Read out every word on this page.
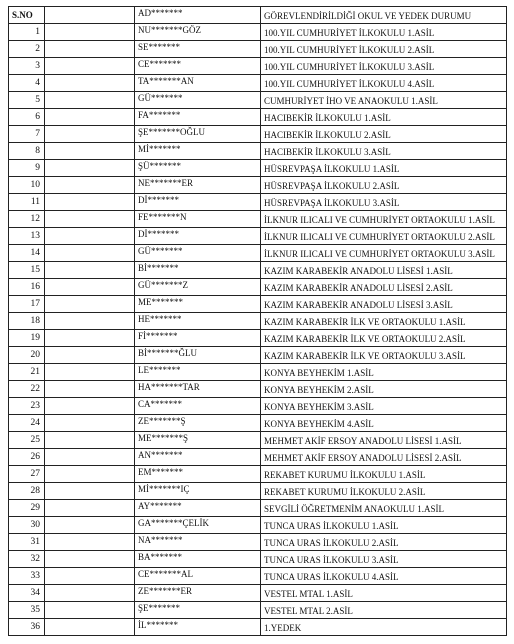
S.NO		AD*******	GÖREVLENDİRİLDİĞİ OKUL VE YEDEK DURUMU
1		NU*******GÖZ	100.YIL CUMHURİYET İLKOKULU 1.ASİL
2		SE*******	100.YIL CUMHURİYET İLKOKULU 2.ASİL
3		CE*******	100.YIL CUMHURİYET İLKOKULU 3.ASİL
4		TA*******AN	100.YIL CUMHURİYET İLKOKULU 4.ASİL
5		GÜ*******	CUMHURİYET İHO VE ANAOKULU 1.ASİL
6		FA*******	HACIBEKİR İLKOKULU 1.ASİL
7		ŞE*******OĞLU	HACIBEKİR İLKOKULU 2.ASİL
8		Mİ*******	HACIBEKİR İLKOKULU 3.ASİL
9		ŞÜ*******	HÜSREVPAŞA İLKOKULU 1.ASİL
10		NE*******ER	HÜSREVPAŞA İLKOKULU 2.ASİL
11		Dİ*******	HÜSREVPAŞA İLKOKULU 3.ASİL
12		FE*******N	İLKNUR ILICALI VE CUMHURİYET ORTAOKULU 1.ASİL
13		Dİ*******	İLKNUR ILICALI VE CUMHURİYET ORTAOKULU 2.ASİL
14		GÜ*******	İLKNUR ILICALI VE CUMHURİYET ORTAOKULU 3.ASİL
15		Bİ*******	KAZIM KARABEKİR ANADOLU LİSESİ 1.ASİL
16		GÜ*******Z	KAZIM KARABEKİR ANADOLU LİSESİ 2.ASİL
17		ME*******	KAZIM KARABEKİR ANADOLU LİSESİ 3.ASİL
18		HE*******	KAZIM KARABEKİR İLK VE ORTAOKULU 1.ASİL
19		Fİ*******	KAZIM KARABEKİR İLK VE ORTAOKULU 2.ASİL
20		Bİ*******ĞLU	KAZIM KARABEKİR İLK VE ORTAOKULU 3.ASİL
21		LE*******	KONYA BEYHEKİM 1.ASİL
22		HA*******TAR	KONYA BEYHEKİM 2.ASİL
23		CA*******	KONYA BEYHEKİM 3.ASİL
24		ZE*******Ş	KONYA BEYHEKİM 4.ASİL
25		ME*******Ş	MEHMET AKİF ERSOY ANADOLU LİSESİ 1.ASİL
26		AN*******	MEHMET AKİF ERSOY ANADOLU LİSESİ 2.ASİL
27		EM*******	REKABET KURUMU İLKOKULU 1.ASİL
28		Mİ*******IÇ	REKABET KURUMU İLKOKULU 2.ASİL
29		AY*******	SEVGİLİ ÖĞRETMENİM ANAOKULU 1.ASİL
30		GA*******ÇELİK	TUNCA URAS İLKOKULU 1.ASİL
31		NA*******	TUNCA URAS İLKOKULU 2.ASİL
32		BA*******	TUNCA URAS İLKOKULU 3.ASİL
33		CE*******AL	TUNCA URAS İLKOKULU 4.ASİL
34		ZE*******ER	VESTEL MTAL 1.ASİL
35		ŞE*******	VESTEL MTAL 2.ASİL
36		İL*******	1.YEDEK
